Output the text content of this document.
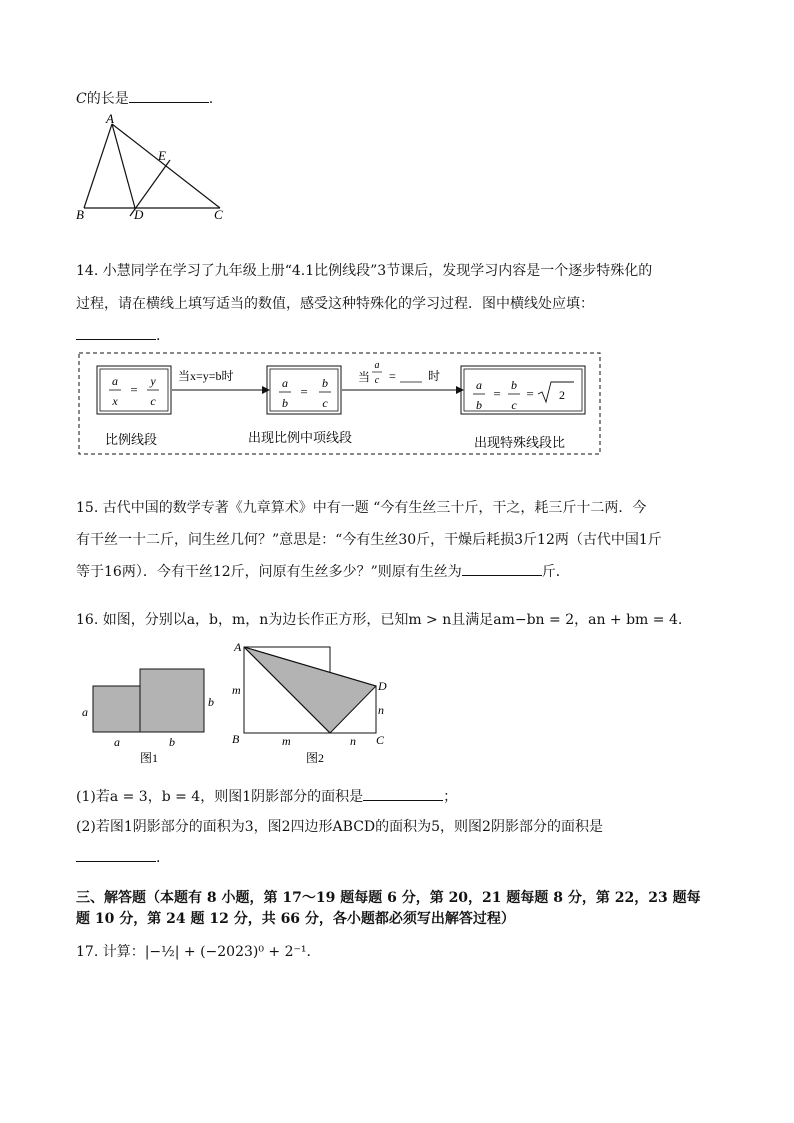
C的长是	.
A
B	C
D
E
14. 小慧同学在学习了九年级上册“4.1比例线段”3节课后，发现学习内容是一个逐步特殊化的
过程，请在横线上填写适当的数值，感受这种特殊化的学习过程．图中横线处应填：
.
a
x
=
y
c
当x=y=b时	a
b
=
b
c
当
a
c =	时
a
b
=
b
c
= 2
比例线段	出现比例中项线段	出现特殊线段比
15. 古代中国的数学专著《九章算术》中有一题 “今有生丝三十斤，干之，耗三斤十二两．今
有干丝一十二斤，问生丝几何？”意思是：“今有生丝30斤，干燥后耗损3斤12两（古代中国1斤
等于16两）．今有干丝12斤，问原有生丝多少？”则原有生丝为	斤．
16. 如图，分别以a，b，m，n为边长作正方形，已知m > n且满足am−bn = 2，an + bm = 4.
a
b
a	b
图1
A
B	C
D
m
m
n
n
图2
(1)若a = 3，b = 4，则图1阴影部分的面积是	；
(2)若图1阴影部分的面积为3，图2四边形ABCD的面积为5，则图2阴影部分的面积是
.
三、解答题（本题有 8 小题，第 17～19 题每题 6 分，第 20，21 题每题 8 分，第 22，23 题每
题 10 分，第 24 题 12 分，共 66 分，各小题都必须写出解答过程）
17. 计算：|−½| + (−2023)⁰ + 2⁻¹.
